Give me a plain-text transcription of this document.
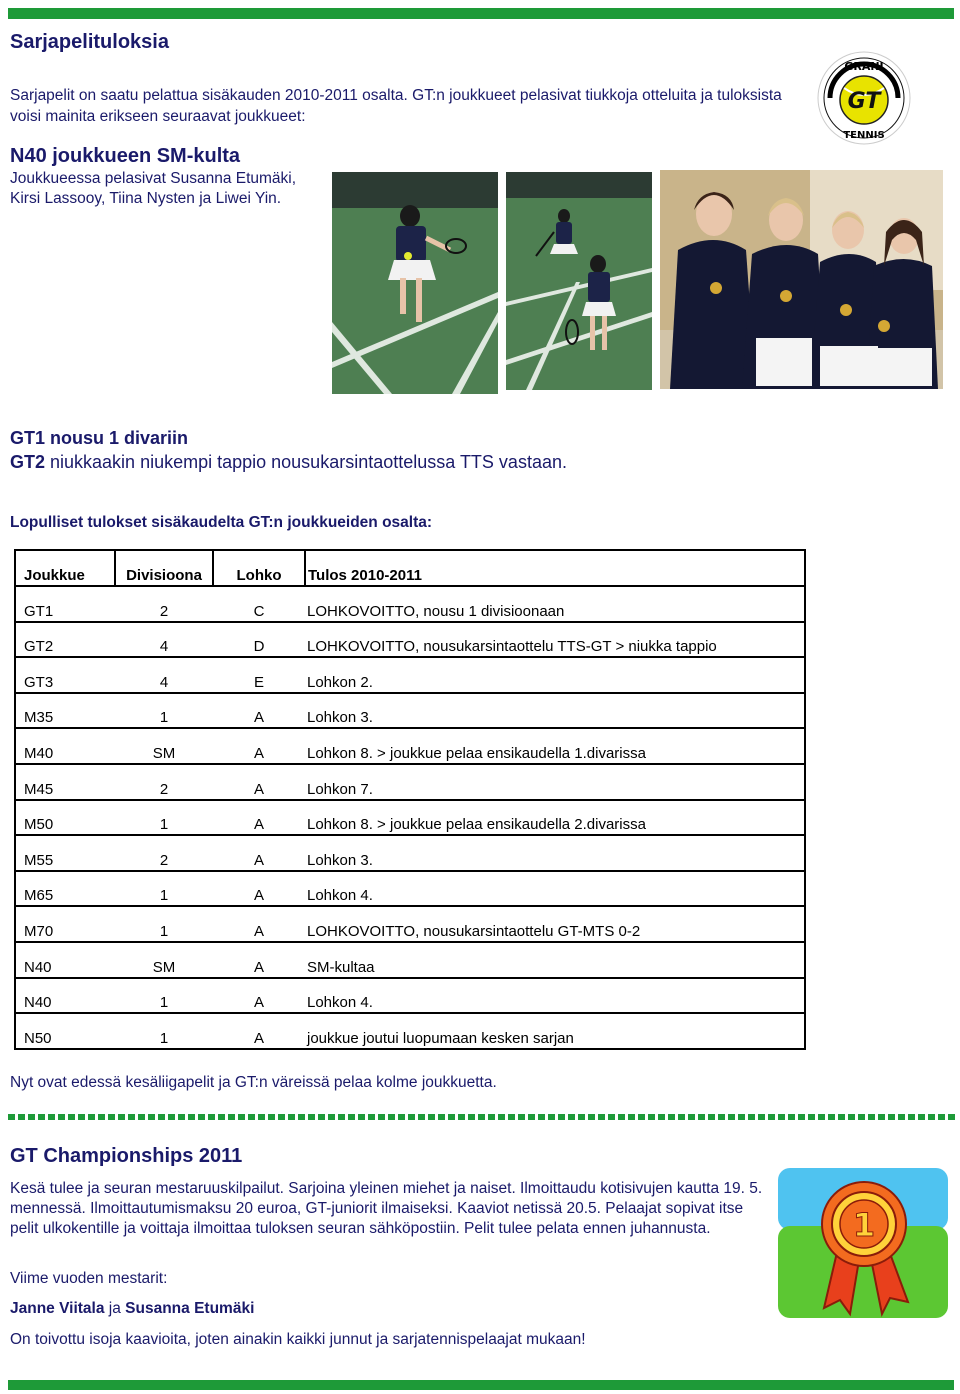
Sarjapelituloksia
Sarjapelit on saatu pelattua sisäkauden 2010-2011 osalta. GT:n joukkueet pelasivat tiukkoja otteluita ja tuloksista voisi mainita erikseen seuraavat joukkueet:
GRANI
GT
TENNIS
N40 joukkueen SM-kulta
Joukkueessa pelasivat Susanna Etumäki, Kirsi Lassooy, Tiina Nysten ja Liwei Yin.
GT1 nousu 1 divariin
GT2 niukkaakin niukempi tappio nousukarsintaottelussa TTS vastaan.
Lopulliset tulokset sisäkaudelta GT:n joukkueiden osalta:
Joukkue	Divisioona	Lohko	Tulos 2010-2011
GT1	2	C	LOHKOVOITTO, nousu 1 divisioonaan
GT2	4	D	LOHKOVOITTO, nousukarsintaottelu TTS-GT > niukka tappio
GT3	4	E	Lohkon 2.
M35	1	A	Lohkon 3.
M40	SM	A	Lohkon 8. > joukkue pelaa ensikaudella 1.divarissa
M45	2	A	Lohkon 7.
M50	1	A	Lohkon 8. > joukkue pelaa ensikaudella 2.divarissa
M55	2	A	Lohkon 3.
M65	1	A	Lohkon 4.
M70	1	A	LOHKOVOITTO, nousukarsintaottelu GT-MTS 0-2
N40	SM	A	SM-kultaa
N40	1	A	Lohkon 4.
N50	1	A	joukkue joutui luopumaan kesken sarjan
Nyt ovat edessä kesäliigapelit ja GT:n väreissä pelaa kolme joukkuetta.
GT Championships 2011
Kesä tulee ja seuran mestaruuskilpailut. Sarjoina yleinen miehet ja naiset. Ilmoittaudu kotisivujen kautta 19. 5. mennessä. Ilmoittautumismaksu 20 euroa, GT-juniorit ilmaiseksi. Kaaviot netissä 20.5. Pelaajat sopivat itse pelit ulkokentille ja voittaja ilmoittaa tuloksen seuran sähköpostiin. Pelit tulee pelata ennen juhannusta.
Viime vuoden mestarit:
Janne Viitala ja Susanna Etumäki
On toivottu isoja kaavioita, joten ainakin kaikki junnut ja sarjatennispelaajat mukaan!
1
